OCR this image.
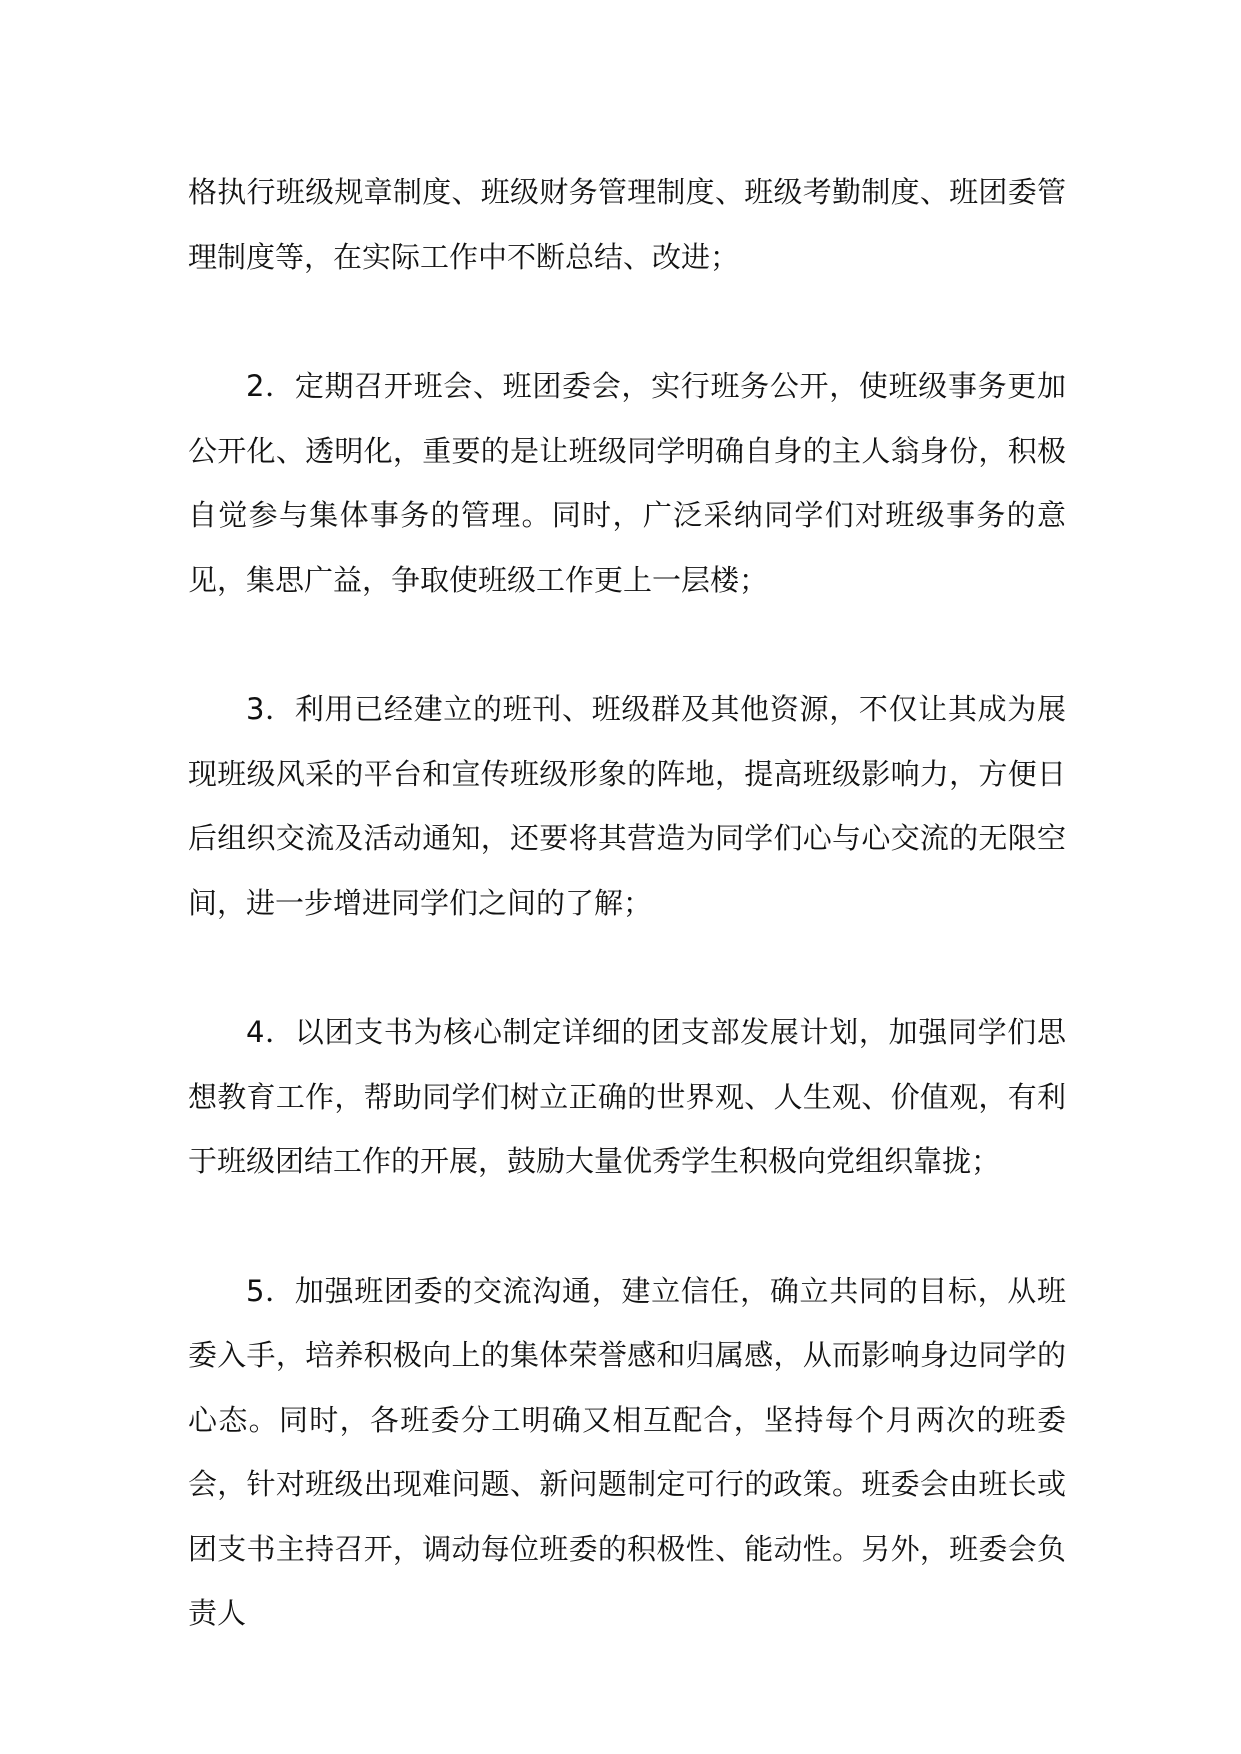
格执行班级规章制度、班级财务管理制度、班级考勤制度、班团委管理制度等，在实际工作中不断总结、改进；

2．定期召开班会、班团委会，实行班务公开，使班级事务更加公开化、透明化，重要的是让班级同学明确自身的主人翁身份，积极自觉参与集体事务的管理。同时，广泛采纳同学们对班级事务的意见，集思广益，争取使班级工作更上一层楼；

3．利用已经建立的班刊、班级群及其他资源，不仅让其成为展现班级风采的平台和宣传班级形象的阵地，提高班级影响力，方便日后组织交流及活动通知，还要将其营造为同学们心与心交流的无限空间，进一步增进同学们之间的了解；

4．以团支书为核心制定详细的团支部发展计划，加强同学们思想教育工作，帮助同学们树立正确的世界观、人生观、价值观，有利于班级团结工作的开展，鼓励大量优秀学生积极向党组织靠拢；

5．加强班团委的交流沟通，建立信任，确立共同的目标，从班委入手，培养积极向上的集体荣誉感和归属感，从而影响身边同学的心态。同时，各班委分工明确又相互配合，坚持每个月两次的班委会，针对班级出现难问题、新问题制定可行的政策。班委会由班长或团支书主持召开，调动每位班委的积极性、能动性。另外，班委会负责人
